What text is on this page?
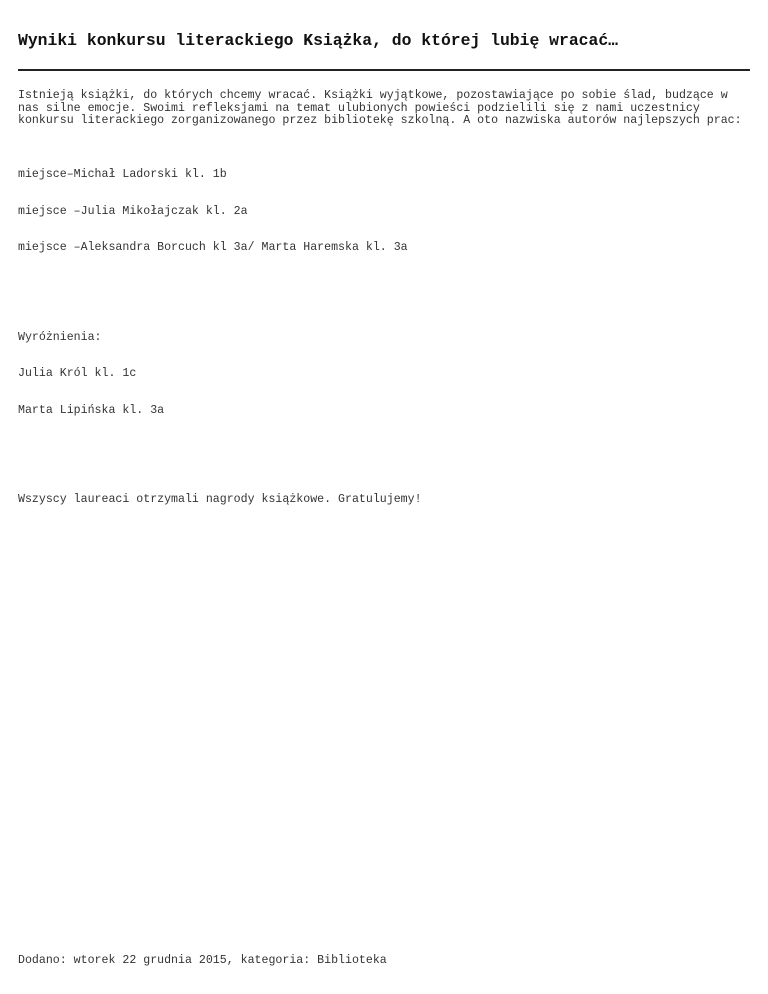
Wyniki konkursu literackiego Książka, do której lubię wracać…

Istnieją książki, do których chcemy wracać. Książki wyjątkowe, pozostawiające po sobie ślad, budzące w nas silne emocje. Swoimi refleksjami na temat ulubionych powieści podzielili się z nami uczestnicy konkursu literackiego zorganizowanego przez bibliotekę szkolną. A oto nazwiska autorów najlepszych prac:

miejsce–Michał Ladorski kl. 1b

miejsce –Julia Mikołajczak kl. 2a

miejsce –Aleksandra Borcuch kl 3a/ Marta Haremska kl. 3a

Wyróżnienia:

Julia Król kl. 1c

Marta Lipińska kl. 3a

Wszyscy laureaci otrzymali nagrody książkowe. Gratulujemy!

Dodano: wtorek 22 grudnia 2015, kategoria: Biblioteka
